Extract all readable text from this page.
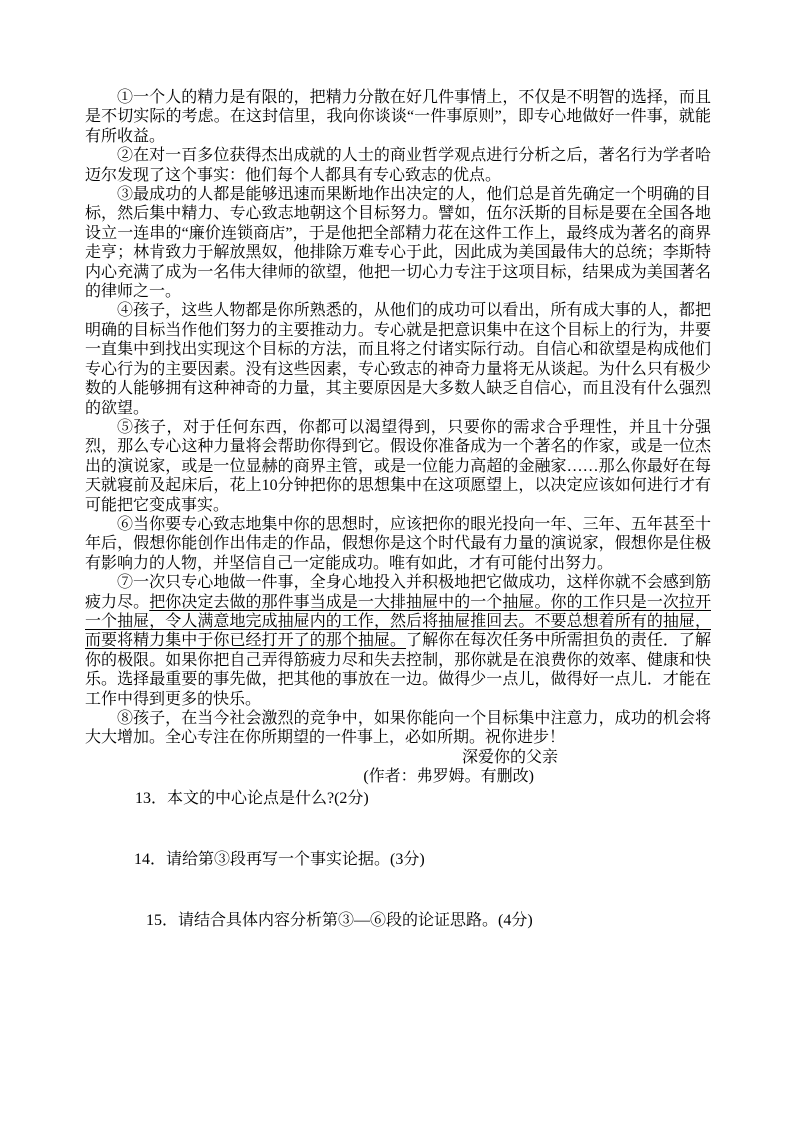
①一个人的精力是有限的，把精力分散在好几件事情上，不仅是不明智的选择，而且是不切实际的考虑。在这封信里，我向你谈谈“一件事原则”，即专心地做好一件事，就能有所收益。

②在对一百多位获得杰出成就的人士的商业哲学观点进行分析之后，著名行为学者哈迈尔发现了这个事实：他们每个人都具有专心致志的优点。

③最成功的人都是能够迅速而果断地作出决定的人，他们总是首先确定一个明确的目标，然后集中精力、专心致志地朝这个目标努力。譬如，伍尔沃斯的目标是要在全国各地设立一连串的“廉价连锁商店”，于是他把全部精力花在这件工作上，最终成为著名的商界走亨；林肯致力于解放黑奴，他排除万难专心于此，因此成为美国最伟大的总统；李斯特内心充满了成为一名伟大律师的欲望，他把一切心力专注于这项目标，结果成为美国著名的律师之一。

④孩子，这些人物都是你所熟悉的，从他们的成功可以看出，所有成大事的人，都把明确的目标当作他们努力的主要推动力。专心就是把意识集中在这个目标上的行为，井要一直集中到找出实现这个目标的方法，而且将之付诸实际行动。自信心和欲望是构成他们专心行为的主要因素。没有这些因素，专心致志的神奇力量将无从谈起。为什么只有极少数的人能够拥有这种神奇的力量，其主要原因是大多数人缺乏自信心，而且没有什么强烈的欲望。

⑤孩子，对于任何东西，你都可以渴望得到，只要你的需求合乎理性，并且十分强烈，那么专心这种力量将会帮助你得到它。假设你准备成为一个著名的作家，或是一位杰出的演说家，或是一位显赫的商界主管，或是一位能力高超的金融家……那么你最好在每天就寝前及起床后，花上10分钟把你的思想集中在这项愿望上，以决定应该如何进行才有可能把它变成事实。

⑥当你要专心致志地集中你的思想时，应该把你的眼光投向一年、三年、五年甚至十年后，假想你能创作出伟走的作品，假想你是这个时代最有力量的演说家，假想你是住极有影响力的人物，并坚信自己一定能成功。唯有如此，才有可能付出努力。

⑦一次只专心地做一件事，全身心地投入并积极地把它做成功，这样你就不会感到筋疲力尽。把你决定去做的那件事当成是一大排抽屉中的一个抽屉。你的工作只是一次拉开一个抽屉，令人满意地完成抽屉内的工作，然后将抽屉推回去。不要总想着所有的抽屉，而要将精力集中于你已经打开了的那个抽屉。了解你在每次任务中所需担负的责任．了解你的极限。如果你把自己弄得筋疲力尽和失去控制，那你就是在浪费你的效率、健康和快乐。选择最重要的事先做，把其他的事放在一边。做得少一点儿，做得好一点儿．才能在工作中得到更多的快乐。

⑧孩子，在当今社会激烈的竞争中，如果你能向一个目标集中注意力，成功的机会将大大增加。全心专注在你所期望的一件事上，必如所期。祝你进步！

深爱你的父亲

(作者：弗罗姆。有删改)

13．本文的中心论点是什么?(2分)

14．请给第③段再写一个事实论据。(3分)

15．请结合具体内容分析第③—⑥段的论证思路。(4分)
